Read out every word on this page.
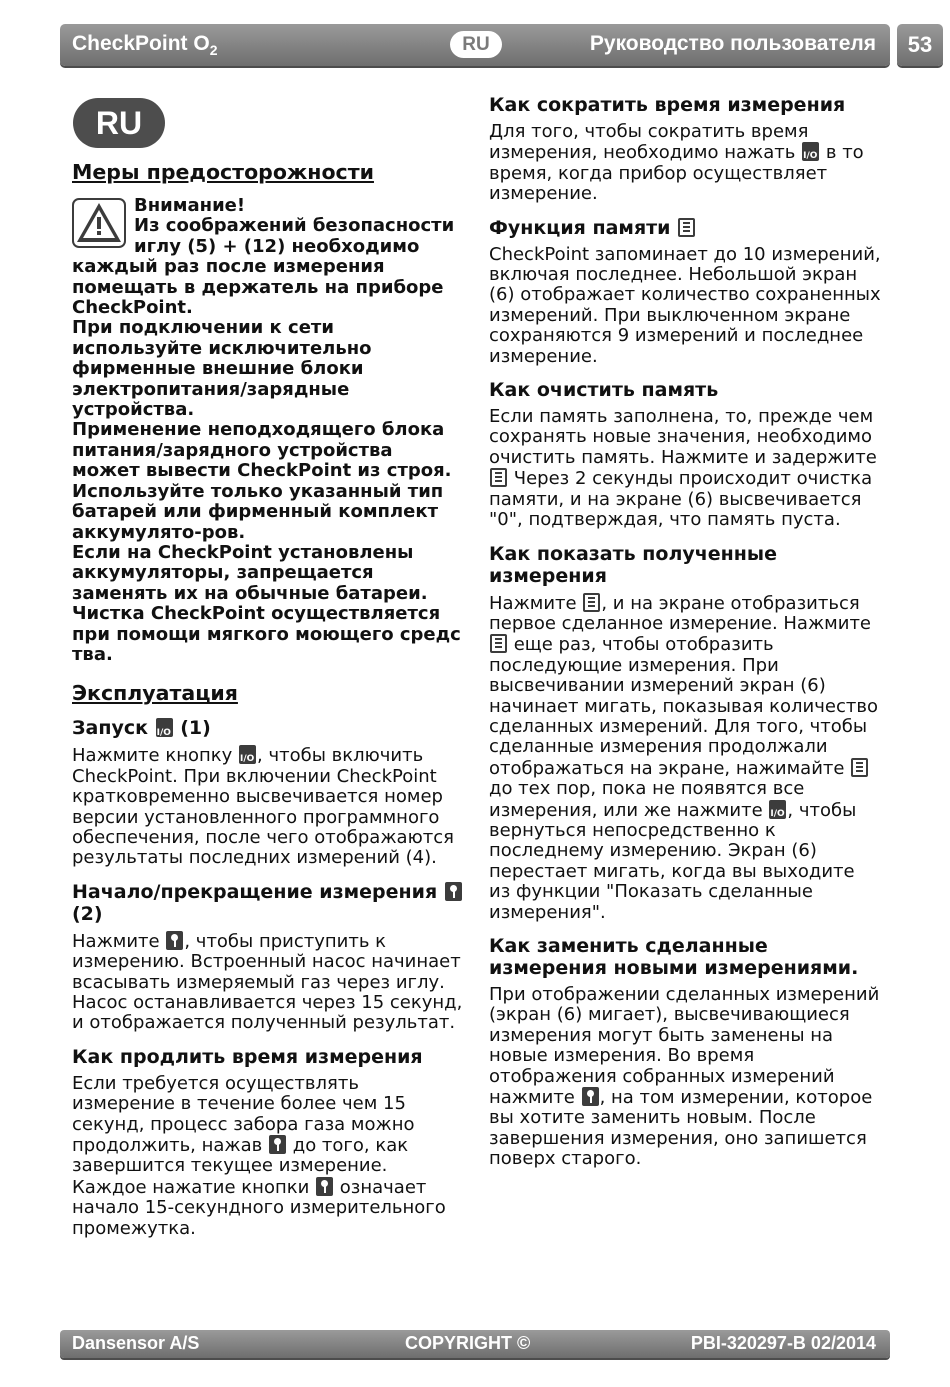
CheckPoint $O_2$	RU	Руководство пользователя	53
RU
Меры предосторожности

Внимание!

Из соображений безопасности иглу (5) + (12) необходимо каждый раз после измерения помещать в держатель на приборе CheckPoint.

При подключении к сети используйте исключительно фирменные внешние блоки электропитания/зарядные устройства.

Применение неподходящего блока питания/зарядного устройства может вывести CheckPoint из строя.

Используйте только указанный тип батарей или фирменный комплект аккумулято-ров.

Если на CheckPoint установлены аккумуляторы, запрещается заменять их на обычные батареи.

Чистка CheckPoint осуществляется при помощи мягкого моющего средс тва.

Эксплуатация
Запуск I/O (1)

Нажмите кнопку I/O , чтобы включить CheckPoint. При включении CheckPoint кратковременно высвечивается номер версии установленного программного обеспечения, после чего отображаются результаты последних измерений (4).

Начало/прекращение измерения
(2)

Нажмите , чтобы приступить к измерению. Встроенный насос начинает всасывать измеряемый газ через иглу. Насос останавливается через 15 секунд, и отображается полученный результат.

Как продлить время измерения

Если требуется осуществлять измерение в течение более чем 15 секунд, процесс забора газа можно продолжить, нажав до того, как завершится текущее измерение. Каждое нажатие кнопки означает начало 15-секундного измерительного промежутка.

Как сократить время измерения

Для того, чтобы сократить время измерения, необходимо нажать I/O в то время, когда прибор осуществляет измерение.

Функция памяти

CheckPoint запоминает до 10 измерений, включая последнее. Небольшой экран (6) отображает количество сохраненных измерений. При выключенном экране сохраняются 9 измерений и последнее измерение.

Как очистить память

Если память заполнена, то, прежде чем сохранять новые значения, необходимо очистить память. Нажмите и задержите  Через 2 секунды происходит очистка памяти, и на экране (6) высвечивается "0", подтверждая, что память пуста.

Как показать полученные измерения

Нажмите , и на экране отобразиться первое сделанное измерение. Нажмите  еще раз, чтобы отобразить последующие измерения. При высвечивании измерений экран (6) начинает мигать, показывая количество сделанных измерений. Для того, чтобы сделанные измерения продолжали отображаться на экране, нажимайте  до тех пор, пока не появятся все измерения, или же нажмите I/O , чтобы вернуться непосредственно к последнему измерению. Экран (6) перестает мигать, когда вы выходите из функции "Показать сделанные измерения".

Как заменить сделанные измерения новыми измерениями.

При отображении сделанных измерений (экран (6) мигает), высвечивающиеся измерения могут быть заменены на новые измерения. Во время отображения собранных измерений нажмите , на том измерении, которое вы хотите заменить новым. После завершения измерения, оно запишется поверх старого.

Dansensor A/S	COPYRIGHT ©	PBI-320297-B 02/2014
